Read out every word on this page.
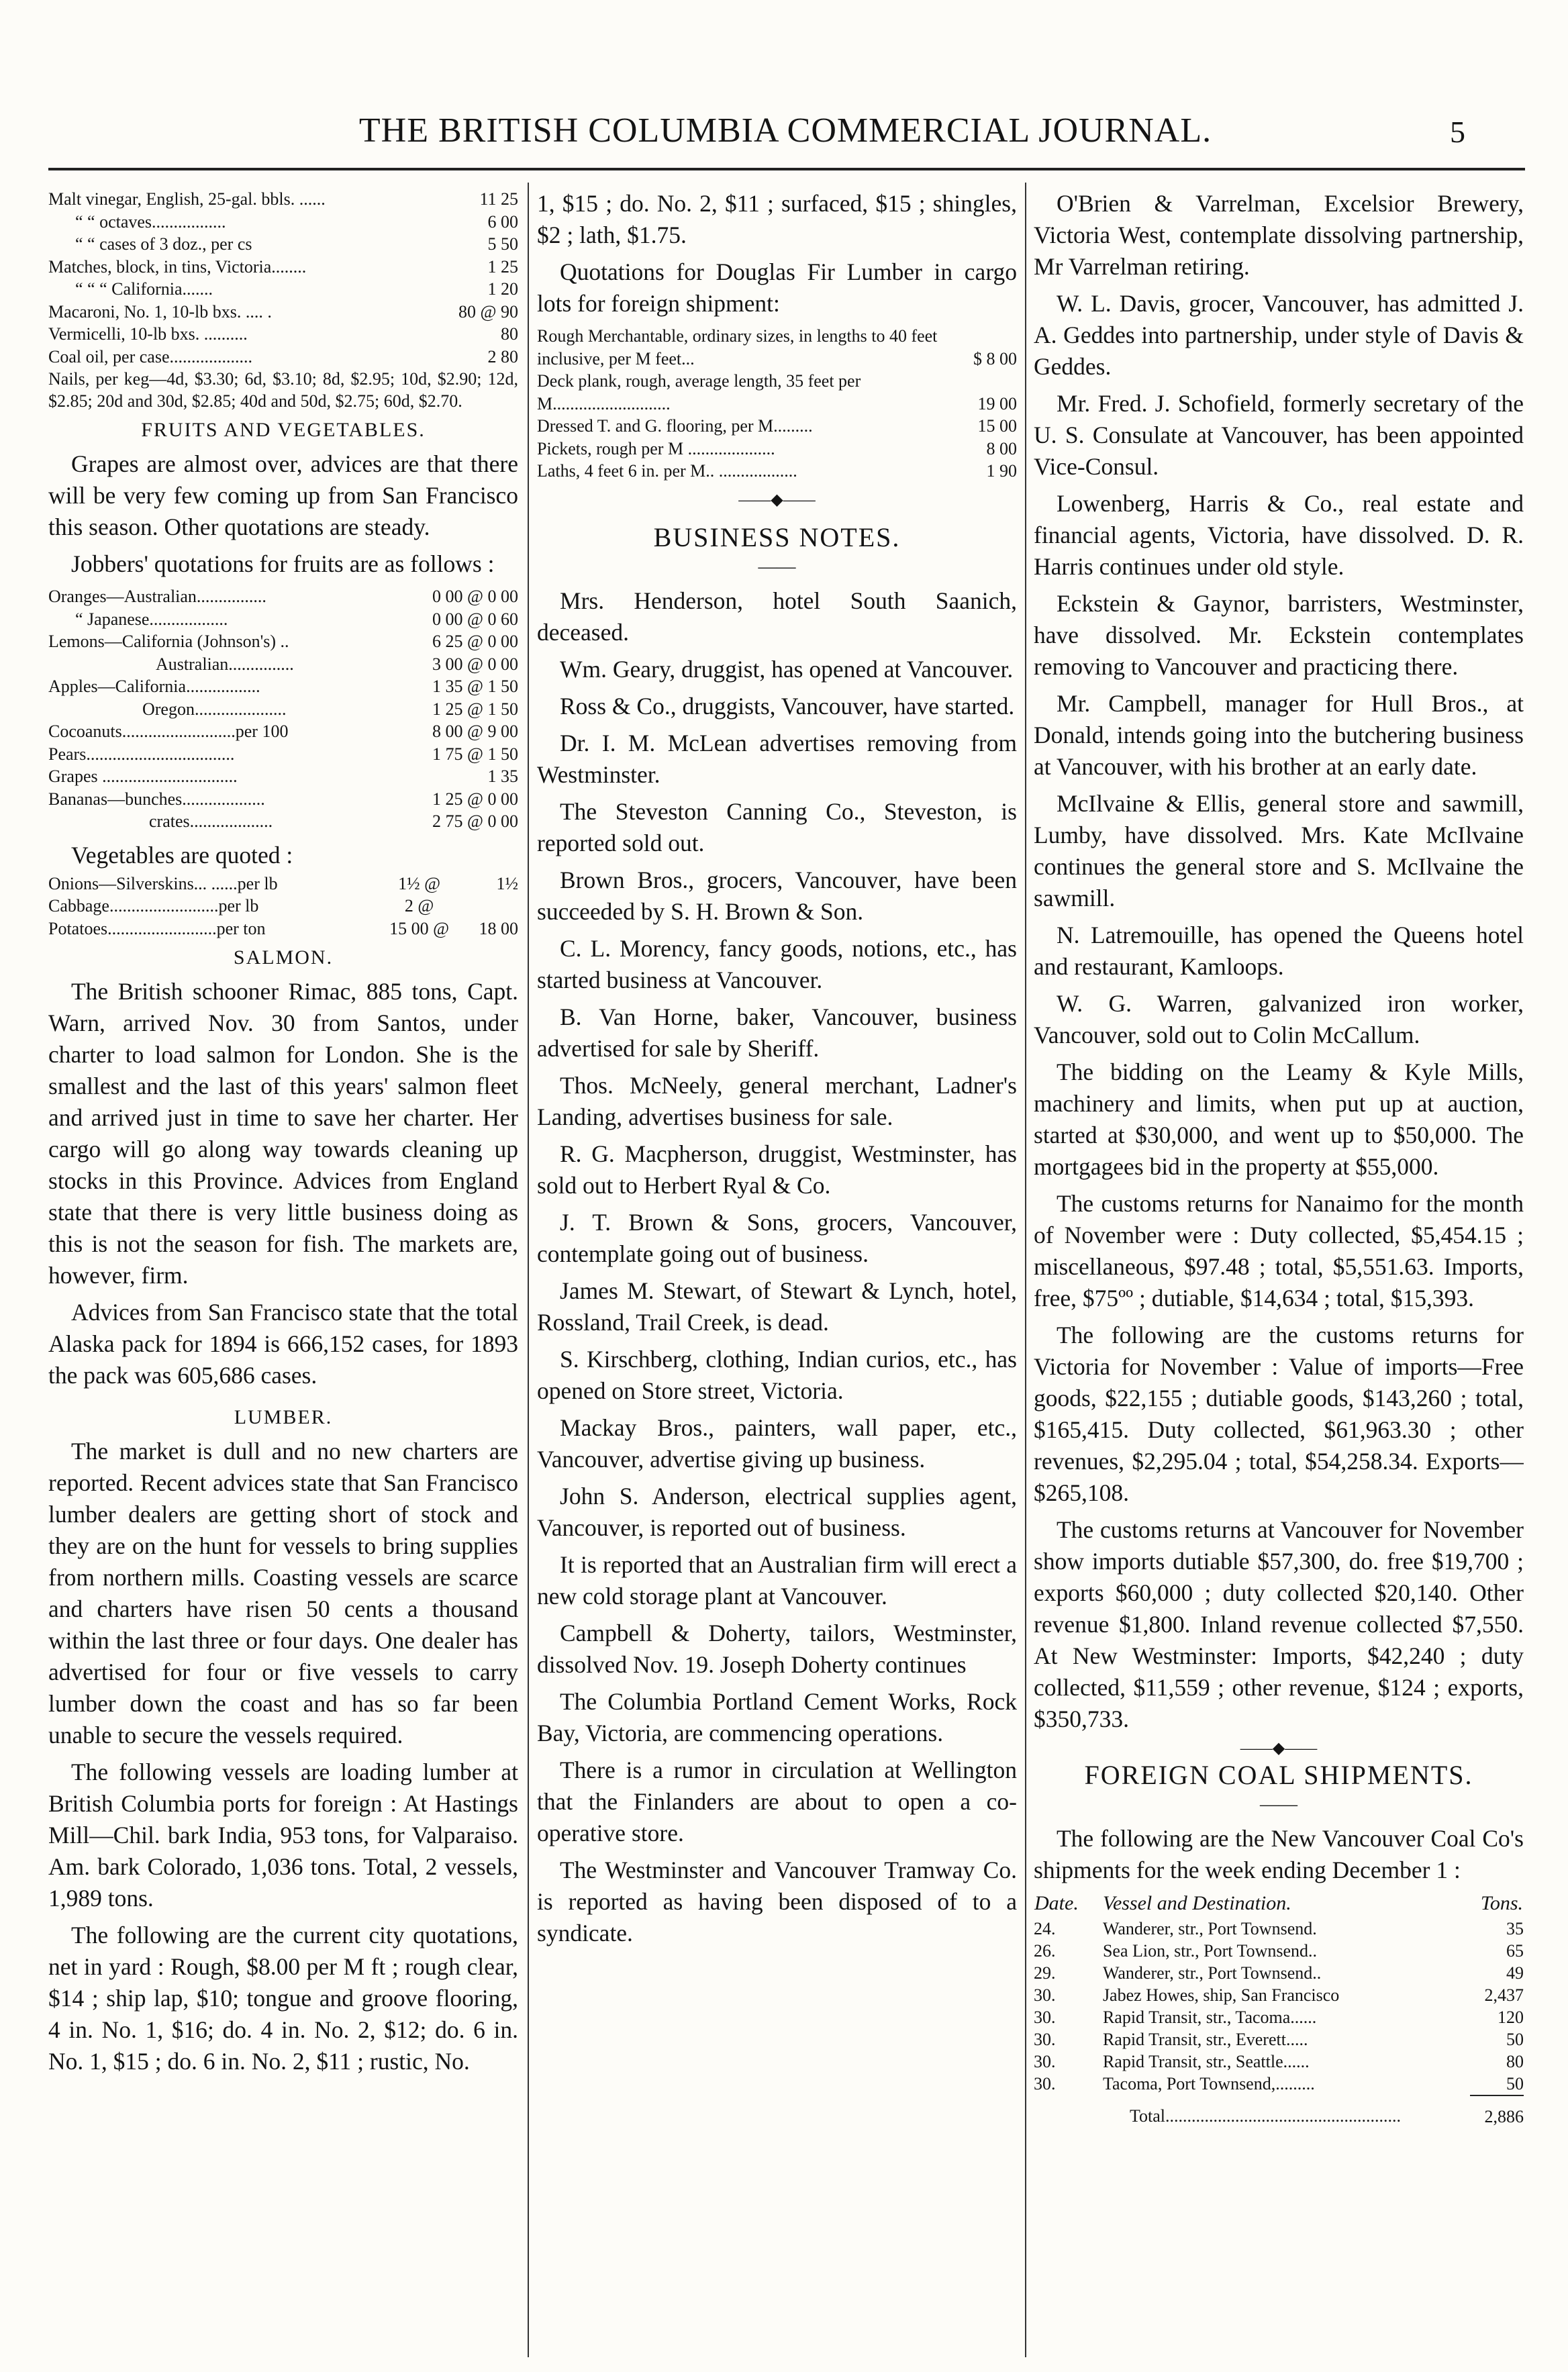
THE BRITISH COLUMBIA COMMERCIAL JOURNAL.	5
Malt vinegar, English, 25-gal. bbls. ......	11 25
“ “ octaves.................	6 00
“ “ cases of 3 doz., per cs	5 50
Matches, block, in tins, Victoria........	1 25
“ “ “ California.......	1 20
Macaroni, No. 1, 10-lb bxs. .... .	80 @ 90
Vermicelli, 10-lb bxs. ..........	80
Coal oil, per case...................	2 80

Nails, per keg—4d, $3.30; 6d, $3.10; 8d, $2.95; 10d, $2.90; 12d, $2.85; 20d and 30d, $2.85; 40d and 50d, $2.75; 60d, $2.70.

FRUITS AND VEGETABLES.

Grapes are almost over, advices are that there will be very few coming up from San Francisco this season. Other quotations are steady.

Jobbers' quotations for fruits are as follows :

Oranges—Australian................	0 00 @ 0 00
“ Japanese..................	0 00 @ 0 60
Lemons—California (Johnson's) ..	6 25 @ 0 00
Australian...............	3 00 @ 0 00
Apples—California.................	1 35 @ 1 50
Oregon.....................	1 25 @ 1 50
Cocoanuts..........................per 100	8 00 @ 9 00
Pears..................................	1 75 @ 1 50
Grapes ...............................	1 35
Bananas—bunches...................	1 25 @ 0 00
crates...................	2 75 @ 0 00

Vegetables are quoted :

Onions—Silverskins... ......per lb	1½ @	1½
Cabbage.........................per lb	2 @	
Potatoes.........................per ton	15 00 @	18 00
SALMON.

The British schooner Rimac, 885 tons, Capt. Warn, arrived Nov. 30 from Santos, under charter to load salmon for London. She is the smallest and the last of this years' salmon fleet and arrived just in time to save her charter. Her cargo will go along way towards cleaning up stocks in this Province. Advices from England state that there is very little business doing as this is not the season for fish. The markets are, however, firm.

Advices from San Francisco state that the total Alaska pack for 1894 is 666,152 cases, for 1893 the pack was 605,686 cases.

LUMBER.

The market is dull and no new charters are reported. Recent advices state that San Francisco lumber dealers are getting short of stock and they are on the hunt for vessels to bring supplies from northern mills. Coasting vessels are scarce and charters have risen 50 cents a thousand within the last three or four days. One dealer has advertised for four or five vessels to carry lumber down the coast and has so far been unable to secure the vessels required.

The following vessels are loading lumber at British Columbia ports for foreign : At Hastings Mill—Chil. bark India, 953 tons, for Valparaiso. Am. bark Colorado, 1,036 tons. Total, 2 vessels, 1,989 tons.

The following are the current city quotations, net in yard : Rough, $8.00 per M ft ; rough clear, $14 ; ship lap, $10; tongue and groove flooring, 4 in. No. 1, $16; do. 4 in. No. 2, $12; do. 6 in. No. 1, $15 ; do. 6 in. No. 2, $11 ; rustic, No.

1, $15 ; do. No. 2, $11 ; surfaced, $15 ; shingles, $2 ; lath, $1.75.

Quotations for Douglas Fir Lumber in cargo lots for foreign shipment:

Rough Merchantable, ordinary sizes, in lengths to 40 feet inclusive, per M feet...	$ 8 00
Deck plank, rough, average length, 35 feet per M...........................	19 00
Dressed T. and G. flooring, per M.........	15 00
Pickets, rough per M ....................	8 00
Laths, 4 feet 6 in. per M.. ..................	1 90
——◆——
BUSINESS NOTES.
——

Mrs. Henderson, hotel South Saanich, deceased.

Wm. Geary, druggist, has opened at Vancouver.

Ross & Co., druggists, Vancouver, have started.

Dr. I. M. McLean advertises removing from Westminster.

The Steveston Canning Co., Steveston, is reported sold out.

Brown Bros., grocers, Vancouver, have been succeeded by S. H. Brown & Son.

C. L. Morency, fancy goods, notions, etc., has started business at Vancouver.

B. Van Horne, baker, Vancouver, business advertised for sale by Sheriff.

Thos. McNeely, general merchant, Ladner's Landing, advertises business for sale.

R. G. Macpherson, druggist, Westminster, has sold out to Herbert Ryal & Co.

J. T. Brown & Sons, grocers, Vancouver, contemplate going out of business.

James M. Stewart, of Stewart & Lynch, hotel, Rossland, Trail Creek, is dead.

S. Kirschberg, clothing, Indian curios, etc., has opened on Store street, Victoria.

Mackay Bros., painters, wall paper, etc., Vancouver, advertise giving up business.

John S. Anderson, electrical supplies agent, Vancouver, is reported out of business.

It is reported that an Australian firm will erect a new cold storage plant at Vancouver.

Campbell & Doherty, tailors, Westminster, dissolved Nov. 19. Joseph Doherty continues

The Columbia Portland Cement Works, Rock Bay, Victoria, are commencing operations.

There is a rumor in circulation at Wellington that the Finlanders are about to open a co-operative store.

The Westminster and Vancouver Tramway Co. is reported as having been disposed of to a syndicate.

O'Brien & Varrelman, Excelsior Brewery, Victoria West, contemplate dissolving partnership, Mr Varrelman retiring.

W. L. Davis, grocer, Vancouver, has admitted J. A. Geddes into partnership, under style of Davis & Geddes.

Mr. Fred. J. Schofield, formerly secretary of the U. S. Consulate at Vancouver, has been appointed Vice-Consul.

Lowenberg, Harris & Co., real estate and financial agents, Victoria, have dissolved. D. R. Harris continues under old style.

Eckstein & Gaynor, barristers, Westminster, have dissolved. Mr. Eckstein contemplates removing to Vancouver and practicing there.

Mr. Campbell, manager for Hull Bros., at Donald, intends going into the butchering business at Vancouver, with his brother at an early date.

McIlvaine & Ellis, general store and sawmill, Lumby, have dissolved. Mrs. Kate McIlvaine continues the general store and S. McIlvaine the sawmill.

N. Latremouille, has opened the Queens hotel and restaurant, Kamloops.

W. G. Warren, galvanized iron worker, Vancouver, sold out to Colin McCallum.

The bidding on the Leamy & Kyle Mills, machinery and limits, when put up at auction, started at $30,000, and went up to $50,000. The mortgagees bid in the property at $55,000.

The customs returns for Nanaimo for the month of November were : Duty collected, $5,454.15 ; miscellaneous, $97.48 ; total, $5,551.63. Imports, free, $75ºº ; dutiable, $14,634 ; total, $15,393.

The following are the customs returns for Victoria for November : Value of imports—Free goods, $22,155 ; dutiable goods, $143,260 ; total, $165,415. Duty collected, $61,963.30 ; other revenues, $2,295.04 ; total, $54,258.34. Exports—$265,108.

The customs returns at Vancouver for November show imports dutiable $57,300, do. free $19,700 ; exports $60,000 ; duty collected $20,140. Other revenue $1,800. Inland revenue collected $7,550. At New Westminster: Imports, $42,240 ; duty collected, $11,559 ; other revenue, $124 ; exports, $350,733.

——◆——
FOREIGN COAL SHIPMENTS.
——

The following are the New Vancouver Coal Co's shipments for the week ending December 1 :

Date.	Vessel and Destination.	Tons.
24.	Wanderer, str., Port Townsend.	35
26.	Sea Lion, str., Port Townsend..	65
29.	Wanderer, str., Port Townsend..	49
30.	Jabez Howes, ship, San Francisco	2,437
30.	Rapid Transit, str., Tacoma......	120
30.	Rapid Transit, str., Everett.....	50
30.	Rapid Transit, str., Seattle......	80
30.	Tacoma, Port Townsend,.........	50
	Total......................................................	2,886
